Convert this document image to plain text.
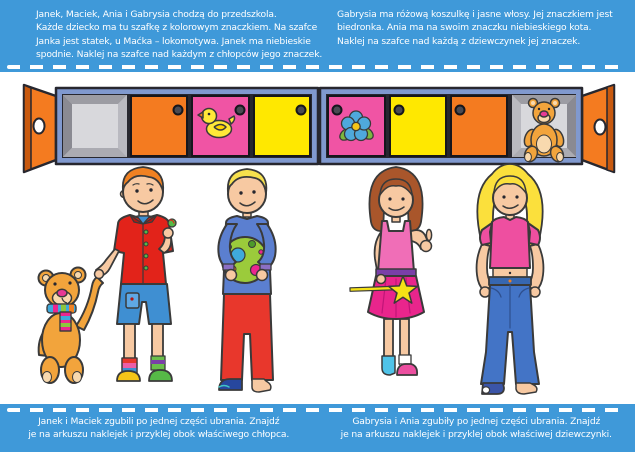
Janek, Maciek, Ania i Gabrysia chodzą do przedszkola.
Każde dziecko ma tu szafkę z kolorowym znaczkiem. Na szafce
Janka jest statek, u Maćka – lokomotywa. Janek ma niebieskie
spodnie. Naklej na szafce nad każdym z chłopców jego znaczek.
Gabrysia ma różową koszulkę i jasne włosy. Jej znaczkiem jest
biedronka. Ania ma na swoim znaczku niebieskiego kota.
Naklej na szafce nad każdą z dziewczynek jej znaczek.
Janek i Maciek zgubili po jednej części ubrania. Znajdź
je na arkuszu naklejek i przyklej obok właściwego chłopca.
Gabrysia i Ania zgubiły po jednej części ubrania. Znajdź
je na arkuszu naklejek i przyklej obok właściwej dziewczynki.
